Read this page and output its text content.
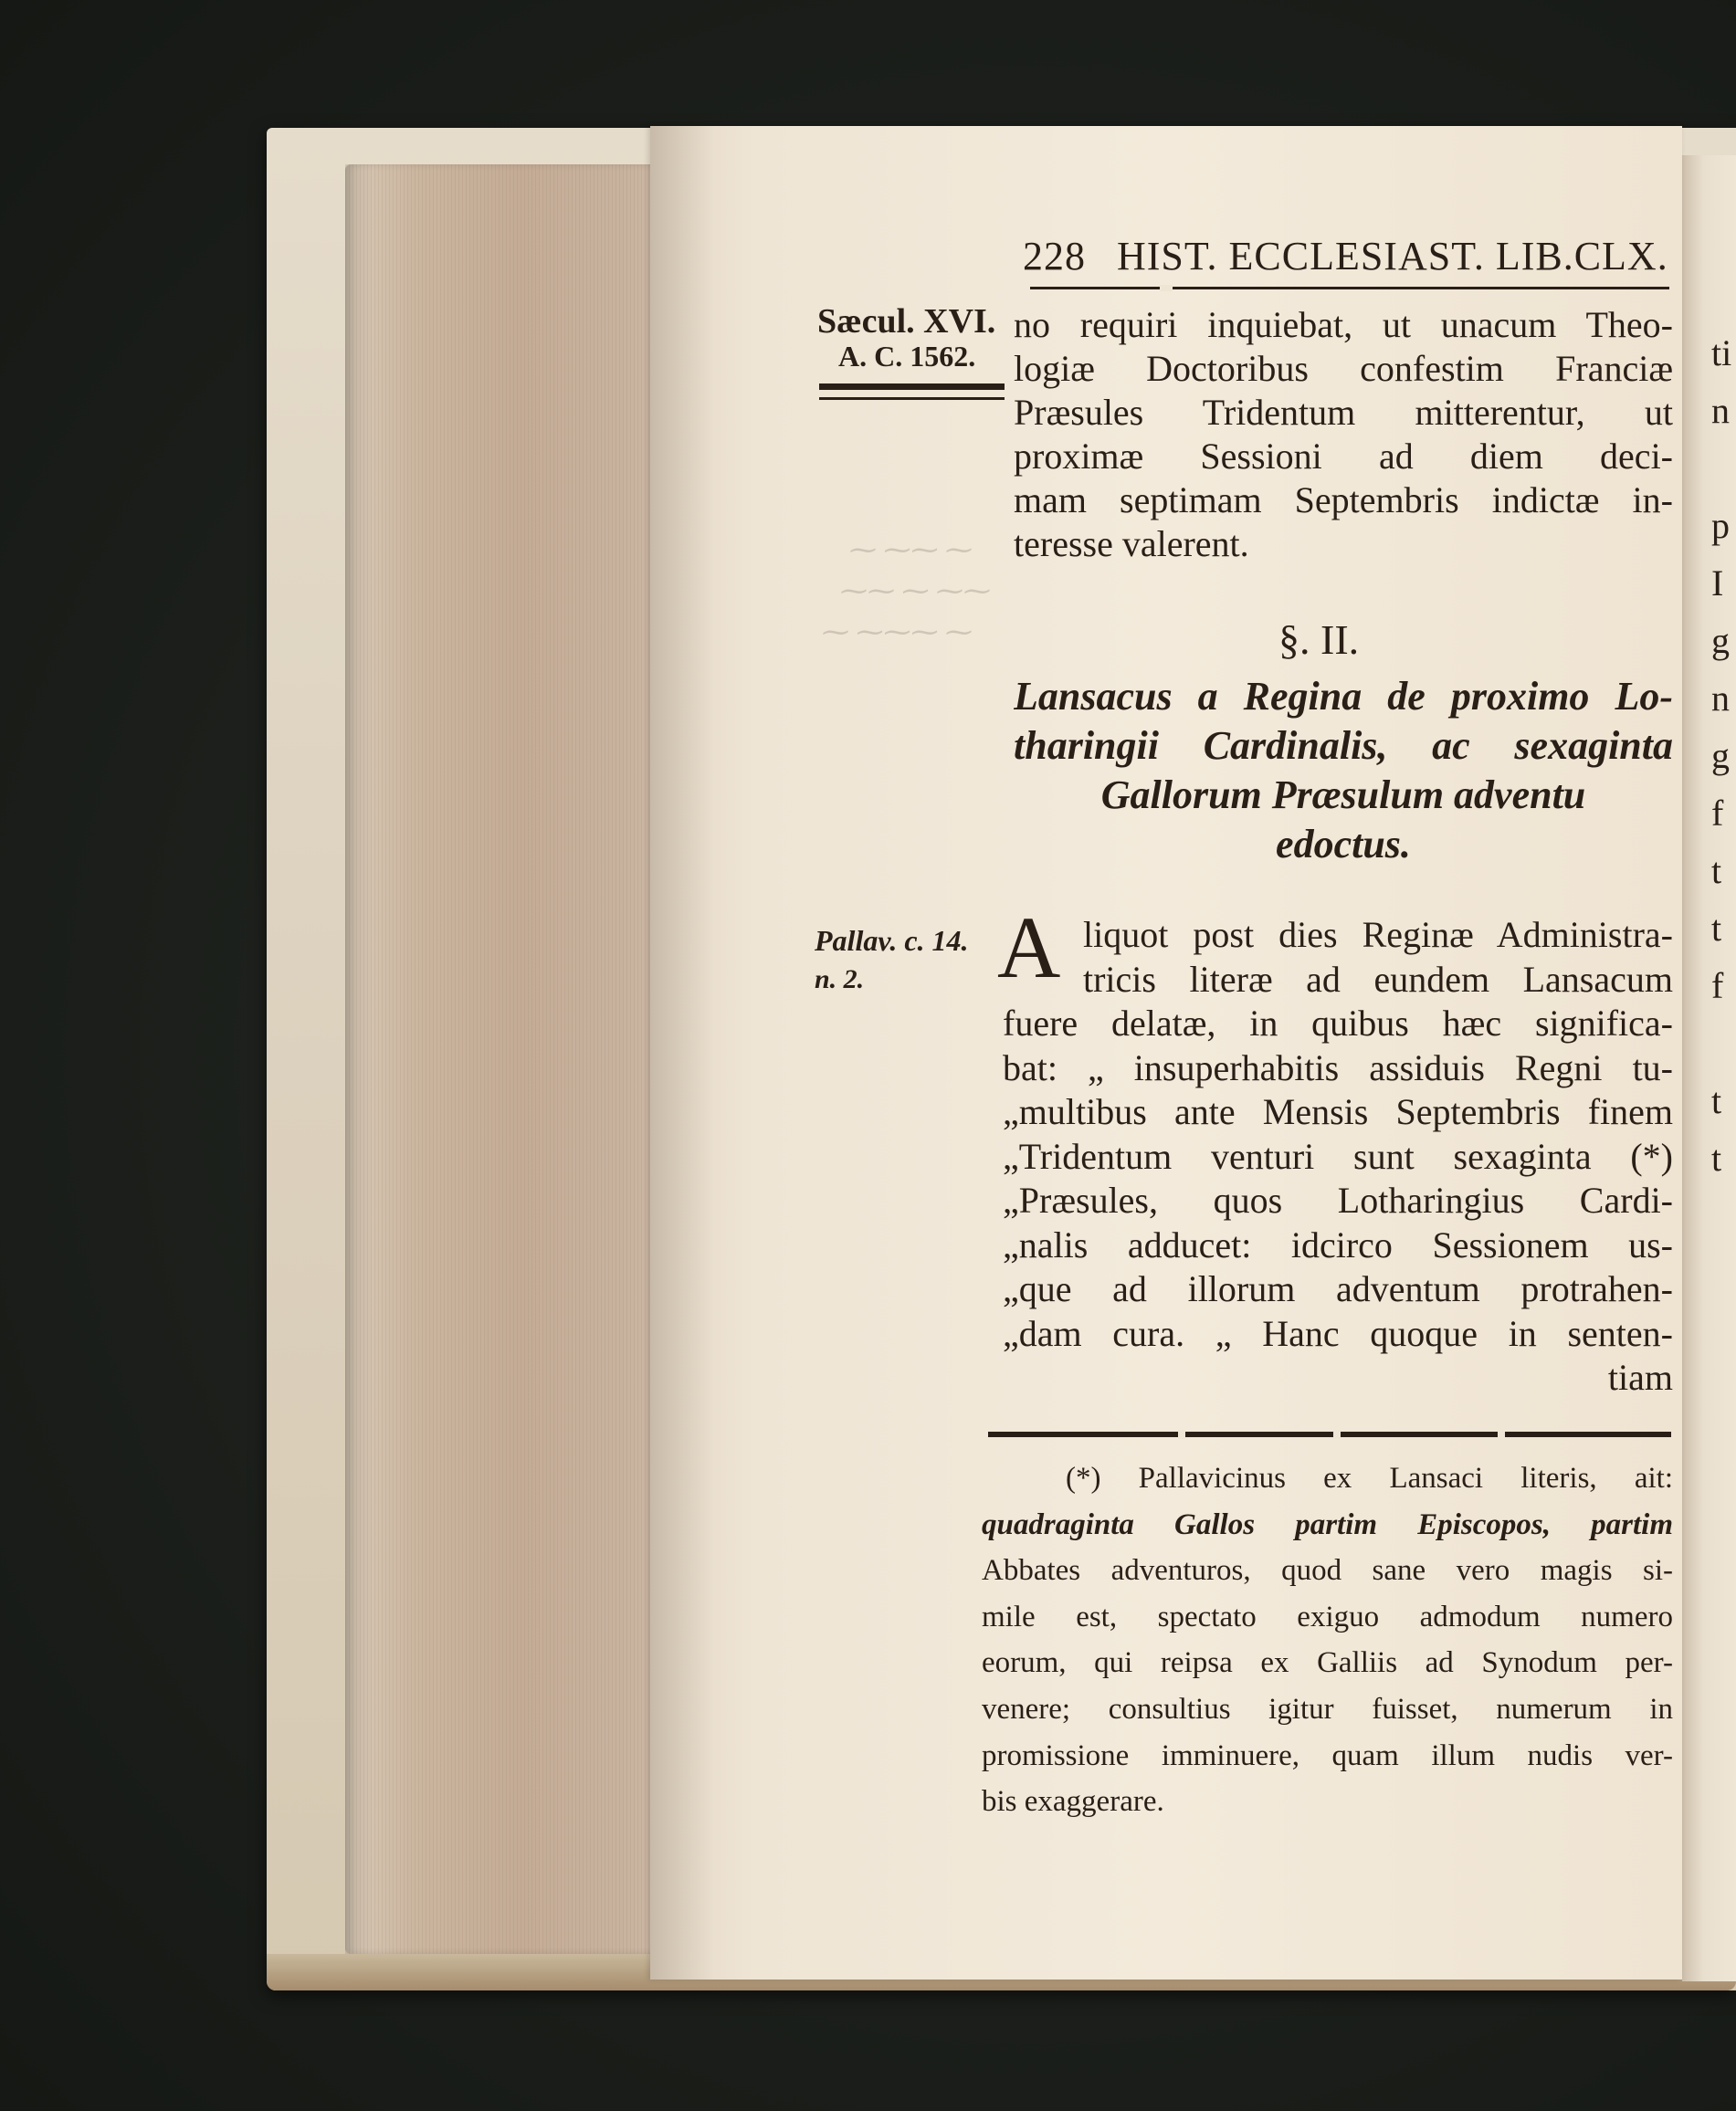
ti
n
p
I
g
n
g
f
t
t
f
t
t
⁓ ⁓⁓ ⁓
⁓⁓ ⁓ ⁓⁓
⁓ ⁓⁓⁓ ⁓
228 HIST. ECCLESIAST. LIB.CLX.
Sæcul. XVI.
A. C. 1562.
Pallav. c. 14.
n. 2.
no requiri inquiebat, ut unacum Theo-
logiæ Doctoribus confestim Franciæ
Præsules Tridentum mitterentur, ut
proximæ Sessioni ad diem deci-
mam septimam Septembris indictæ in-
teresse valerent.
§. II.
Lansacus a Regina de proximo Lo-
tharingii Cardinalis, ac sexaginta
Gallorum Præsulum adventu
edoctus.
A liquot post dies Reginæ Administra-
tricis literæ ad eundem Lansacum
fuere delatæ, in quibus hæc significa-
bat: „ insuperhabitis assiduis Regni tu-
„multibus ante Mensis Septembris finem
„Tridentum venturi sunt sexaginta (*)
„Præsules, quos Lotharingius Cardi-
„nalis adducet: idcirco Sessionem us-
„que ad illorum adventum protrahen-
„dam cura. „ Hanc quoque in senten-
tiam
(*) Pallavicinus ex Lansaci literis, ait:
quadraginta Gallos partim Episcopos, partim
Abbates adventuros, quod sane vero magis si-
mile est, spectato exiguo admodum numero
eorum, qui reipsa ex Galliis ad Synodum per-
venere; consultius igitur fuisset, numerum in
promissione imminuere, quam illum nudis ver-
bis exaggerare.
